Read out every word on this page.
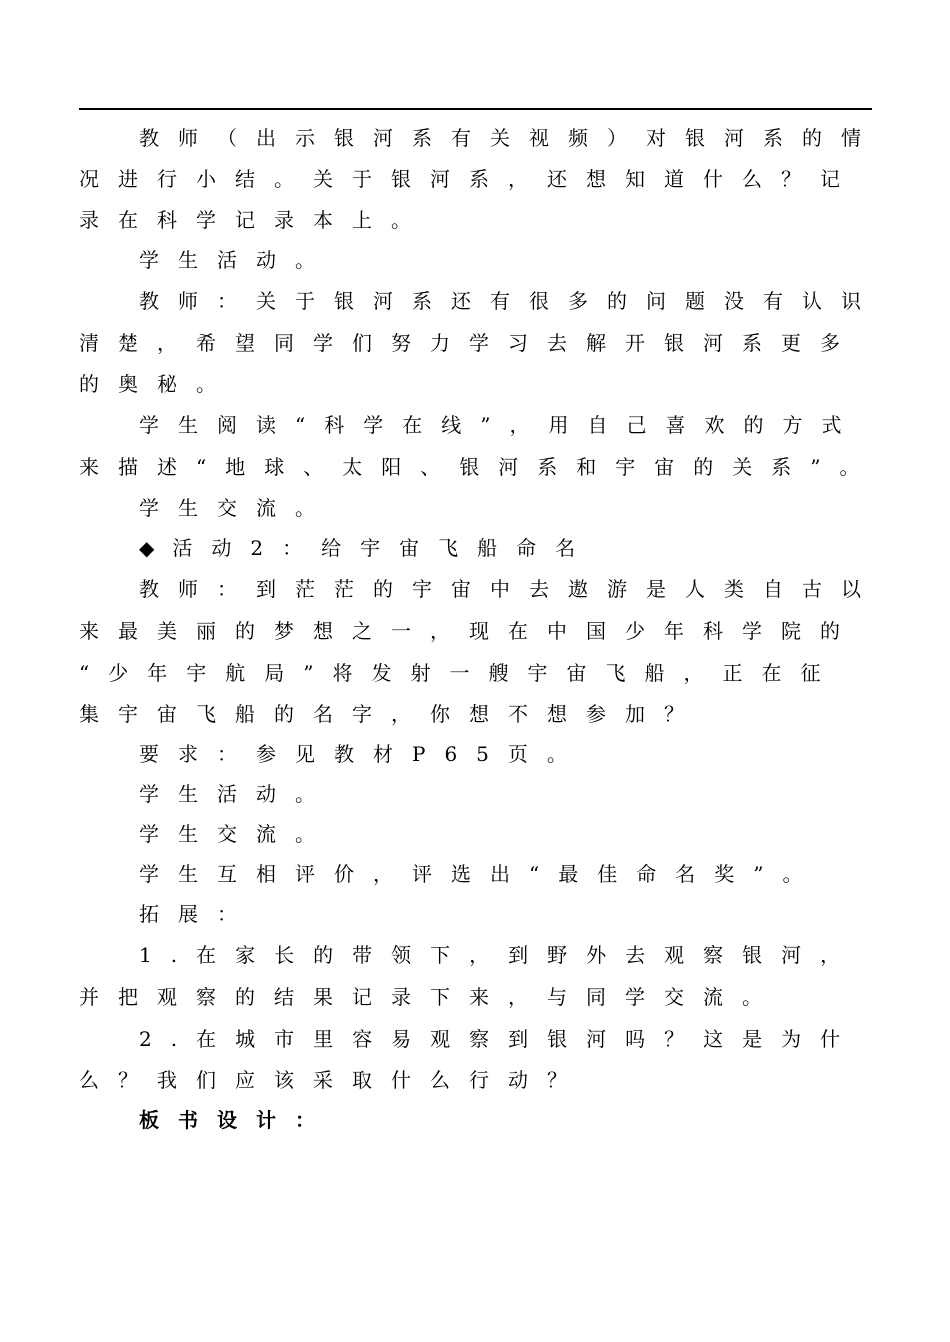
教师（出示银河系有关视频）对银河系的情
况进行小结。关于银河系，还想知道什么？记
录在科学记录本上。
学生活动。
教师：关于银河系还有很多的问题没有认识
清楚，希望同学们努力学习去解开银河系更多
的奥秘。
学生阅读“科学在线”，用自己喜欢的方式
来描述“地球、太阳、银河系和宇宙的关系”。
学生交流。
◆ 活动2：给宇宙飞船命名
教师：到茫茫的宇宙中去遨游是人类自古以
来最美丽的梦想之一，现在中国少年科学院的
“少年宇航局”将发射一艘宇宙飞船，正在征
集宇宙飞船的名字，你想不想参加？
要求：参见教材P65页。
学生活动。
学生交流。
学生互相评价，评选出“最佳命名奖”。
拓展：
1.在家长的带领下，到野外去观察银河，
并把观察的结果记录下来，与同学交流。
2.在城市里容易观察到银河吗？这是为什
么？我们应该采取什么行动？
板书设计：
